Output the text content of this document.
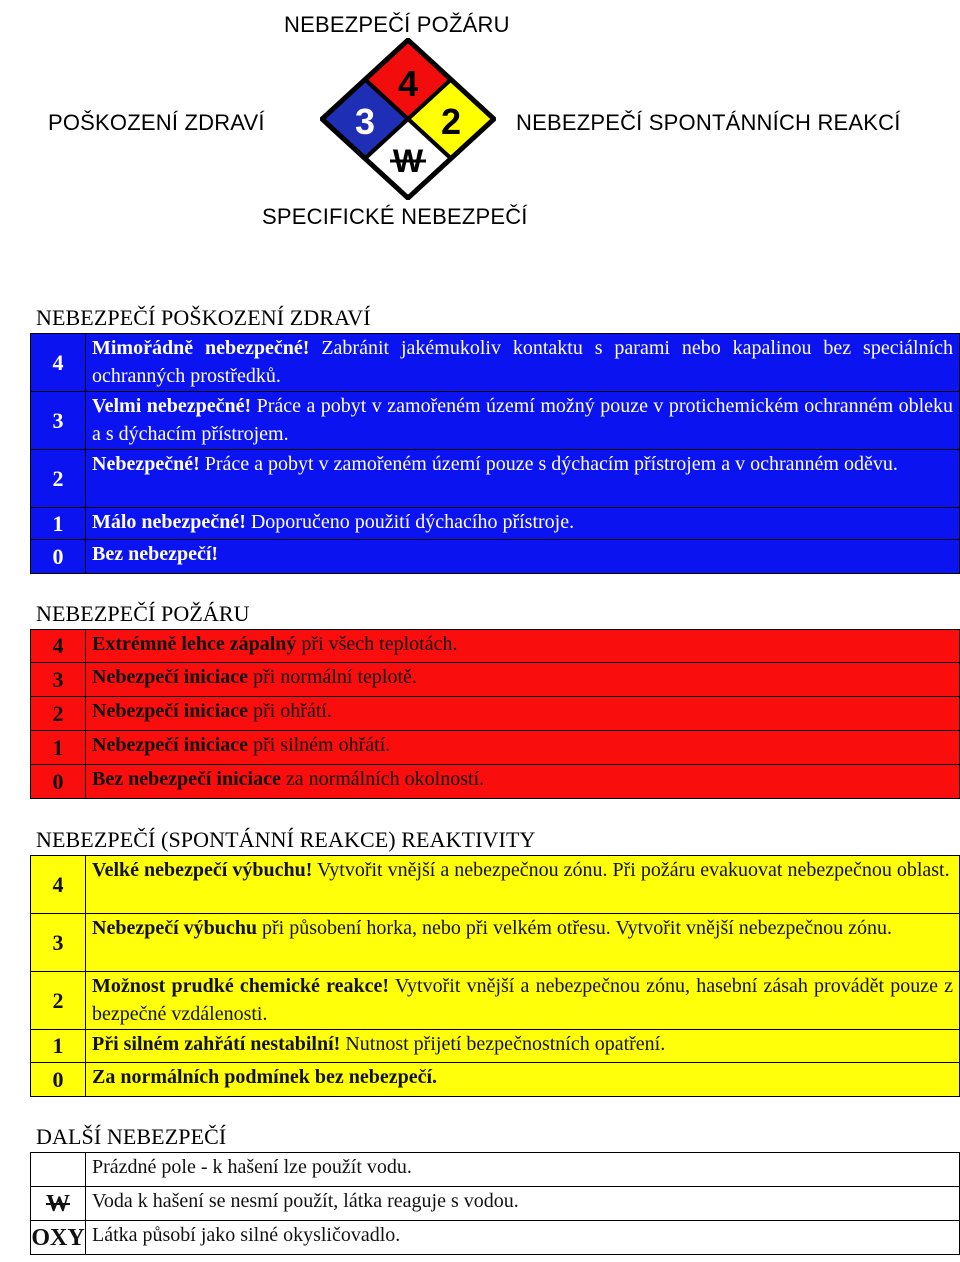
NEBEZPEČÍ POŽÁRU
POŠKOZENÍ ZDRAVÍ	NEBEZPEČÍ SPONTÁNNÍCH REAKCÍ
SPECIFICKÉ NEBEZPEČÍ
4
3 2
W
NEBEZPEČÍ POŠKOZENÍ ZDRAVÍ
4	Mimořádně nebezpečné! Zabránit jakémukoliv kontaktu s parami nebo kapalinou bez speciálních ochranných prostředků.
3	Velmi nebezpečné! Práce a pobyt v zamořeném území možný pouze v protichemickém ochranném obleku a s dýchacím přístrojem.
2	Nebezpečné! Práce a pobyt v zamořeném území pouze s dýchacím přístrojem a v ochranném oděvu.
1	Málo nebezpečné! Doporučeno použití dýchacího přístroje.
0	Bez nebezpečí!
NEBEZPEČÍ POŽÁRU
4	Extrémně lehce zápalný při všech teplotách.
3	Nebezpečí iniciace při normální teplotě.
2	Nebezpečí iniciace při ohřátí.
1	Nebezpečí iniciace při silném ohřátí.
0	Bez nebezpečí iniciace za normálních okolností.
NEBEZPEČÍ (SPONTÁNNÍ REAKCE) REAKTIVITY
4	Velké nebezpečí výbuchu! Vytvořit vnější a nebezpečnou zónu. Při požáru evakuovat nebezpečnou oblast.
3	Nebezpečí výbuchu při působení horka, nebo při velkém otřesu. Vytvořit vnější nebezpečnou zónu.
2	Možnost prudké chemické reakce! Vytvořit vnější a nebezpečnou zónu, hasební zásah provádět pouze z bezpečné vzdálenosti.
1	Při silném zahřátí nestabilní! Nutnost přijetí bezpečnostních opatření.
0	Za normálních podmínek bez nebezpečí.
DALŠÍ NEBEZPEČÍ
	Prázdné pole - k hašení lze použít vodu.
W	Voda k hašení se nesmí použít, látka reaguje s vodou.
OXY	Látka působí jako silné okysličovadlo.
